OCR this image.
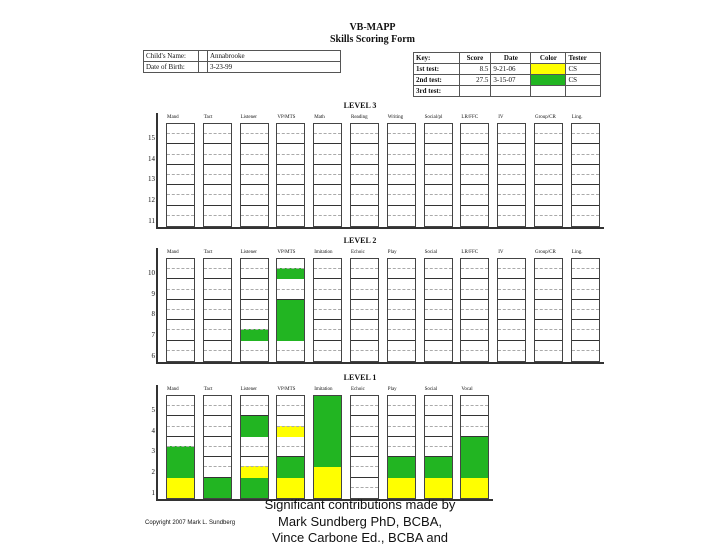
VB-MAPP
Skills Scoring Form
Child's Name:		Annabrooke
Date of Birth:		3-23-99
Key:	Score	Date	Color	Tester
1st test:	8.5	9-21-06		CS
2nd test:	27.5	3-15-07		CS
3rd test:				
LEVEL 3
11
12
13
14
15
Mand	Tact	Listener	VP/MTS	Math	Reading	Writing	Social/pl	LR/FFC	IV	Group/CR	Ling.
LEVEL 2
6
7
8
9
10
Mand	Tact	Listener	VP/MTS	Imitation	Echoic	Play	Social	LR/FFC	IV	Group/CR	Ling.
LEVEL 1
1
2
3
4
5
Mand	Tact	Listener	VP/MTS	Imitation	Echoic	Play	Social	Vocal
Significant contributions made by
Mark Sundberg PhD, BCBA,
Vince Carbone Ed., BCBA and
Copyright 2007 Mark L. Sundberg
